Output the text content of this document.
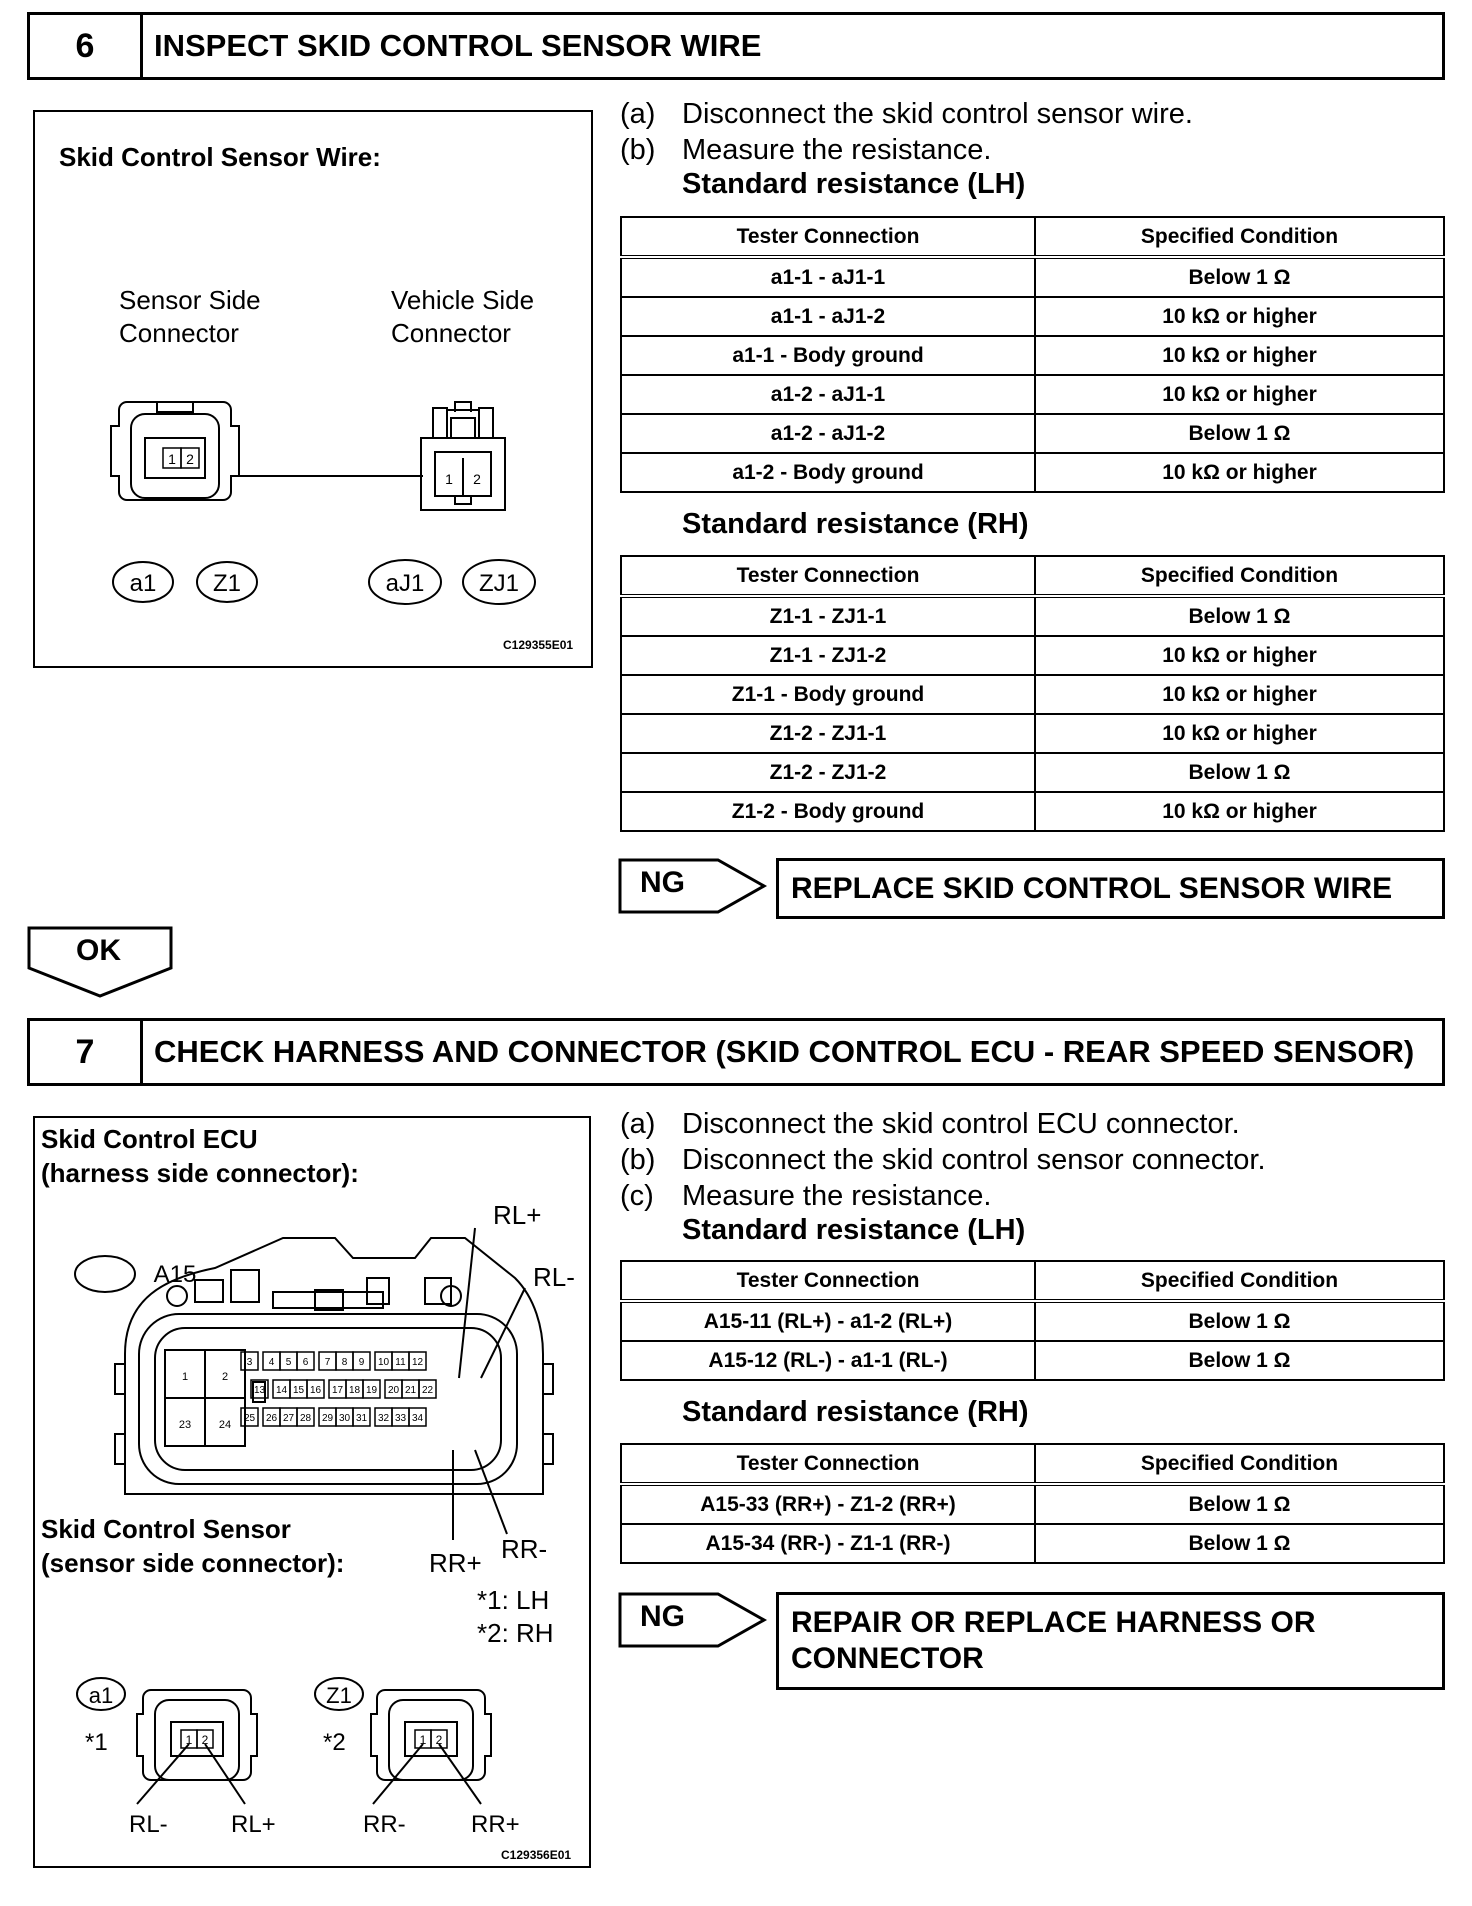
6	INSPECT SKID CONTROL SENSOR WIRE
Skid Control Sensor Wire:
Sensor Side
Connector
Vehicle Side
Connector
1 2
1 2
a1 Z1	aJ1 ZJ1
C129355E01
(a) Disconnect the skid control sensor wire.
(b) Measure the resistance.
Standard resistance (LH)
Tester Connection	Specified Condition
a1-1 - aJ1-1	Below 1 Ω
a1-1 - aJ1-2	10 kΩ or higher
a1-1 - Body ground	10 kΩ or higher
a1-2 - aJ1-1	10 kΩ or higher
a1-2 - aJ1-2	Below 1 Ω
a1-2 - Body ground	10 kΩ or higher
Standard resistance (RH)
Tester Connection	Specified Condition
Z1-1 - ZJ1-1	Below 1 Ω
Z1-1 - ZJ1-2	10 kΩ or higher
Z1-1 - Body ground	10 kΩ or higher
Z1-2 - ZJ1-1	10 kΩ or higher
Z1-2 - ZJ1-2	Below 1 Ω
Z1-2 - Body ground	10 kΩ or higher
NG	REPLACE SKID CONTROL SENSOR WIRE
OK
7	CHECK HARNESS AND CONNECTOR (SKID CONTROL ECU - REAR SPEED SENSOR)
Skid Control ECU
(harness side connector):
Skid Control Sensor
(sensor side connector):
*1: LH
*2: RH
1	2
23	24
3 4 5 6 7 8 9 10 11 12
13 14 15 16 17 18 19 20 21 22
25 26 27 28 29 30 31 32 33 34
A15
RL+
RL-
RR+ RR-
a1	Z1
*1	*2
1 2	1 2
RL-	RL+	RR-	RR+
C129356E01
(a) Disconnect the skid control ECU connector.
(b) Disconnect the skid control sensor connector.
(c) Measure the resistance.
Standard resistance (LH)
Tester Connection	Specified Condition
A15-11 (RL+) - a1-2 (RL+)	Below 1 Ω
A15-12 (RL-) - a1-1 (RL-)	Below 1 Ω
Standard resistance (RH)
Tester Connection	Specified Condition
A15-33 (RR+) - Z1-2 (RR+)	Below 1 Ω
A15-34 (RR-) - Z1-1 (RR-)	Below 1 Ω
NG	REPAIR OR REPLACE HARNESS OR
CONNECTOR
